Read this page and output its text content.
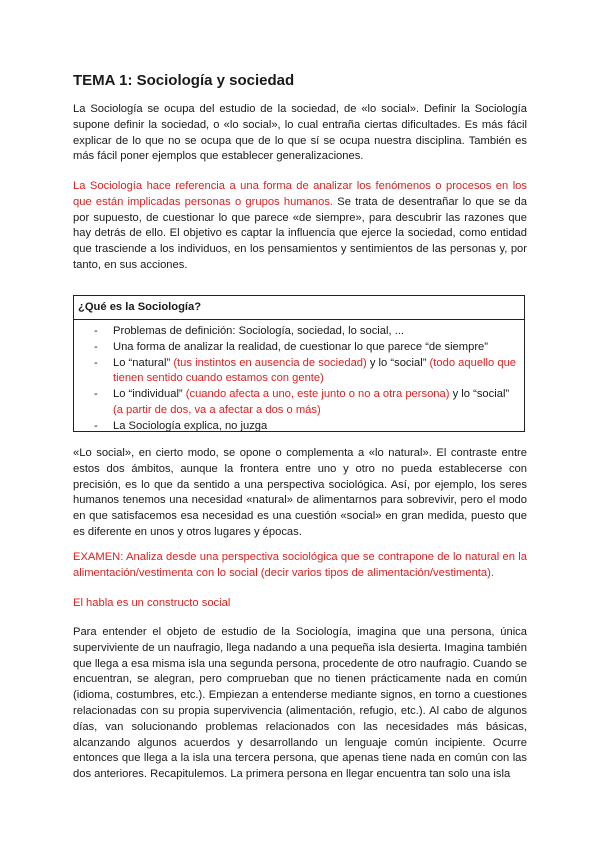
TEMA 1: Sociología y sociedad

La Sociología se ocupa del estudio de la sociedad, de «lo social». Definir la Sociología supone definir la sociedad, o «lo social», lo cual entraña ciertas dificultades. Es más fácil explicar de lo que no se ocupa que de lo que sí se ocupa nuestra disciplina. También es más fácil poner ejemplos que establecer generalizaciones.

La Sociología hace referencia a una forma de analizar los fenómenos o procesos en los que están implicadas personas o grupos humanos. Se trata de desentrañar lo que se da por supuesto, de cuestionar lo que parece «de siempre», para descubrir las razones que hay detrás de ello. El objetivo es captar la influencia que ejerce la sociedad, como entidad que trasciende a los individuos, en los pensamientos y sentimientos de las personas y, por tanto, en sus acciones.

¿Qué es la Sociología?
- Problemas de definición: Sociología, sociedad, lo social, ...
- Una forma de analizar la realidad, de cuestionar lo que parece “de siempre”
- Lo “natural” (tus instintos en ausencia de sociedad) y lo “social” (todo aquello que tienen sentido cuando estamos con gente)
- Lo “individual” (cuando afecta a uno, este junto o no a otra persona) y lo “social” (a partir de dos, va a afectar a dos o más)
- La Sociología explica, no juzga

«Lo social», en cierto modo, se opone o complementa a «lo natural». El contraste entre estos dos ámbitos, aunque la frontera entre uno y otro no pueda establecerse con precisión, es lo que da sentido a una perspectiva sociológica. Así, por ejemplo, los seres humanos tenemos una necesidad «natural» de alimentarnos para sobrevivir, pero el modo en que satisfacemos esa necesidad es una cuestión «social» en gran medida, puesto que es diferente en unos y otros lugares y épocas.

EXAMEN: Analiza desde una perspectiva sociológica que se contrapone de lo natural en la alimentación/vestimenta con lo social (decir varios tipos de alimentación/vestimenta).

El habla es un constructo social

Para entender el objeto de estudio de la Sociología, imagina que una persona, única superviviente de un naufragio, llega nadando a una pequeña isla desierta. Imagina también que llega a esa misma isla una segunda persona, procedente de otro naufragio. Cuando se encuentran, se alegran, pero comprueban que no tienen prácticamente nada en común (idioma, costumbres, etc.). Empiezan a entenderse mediante signos, en torno a cuestiones relacionadas con su propia supervivencia (alimentación, refugio, etc.). Al cabo de algunos días, van solucionando problemas relacionados con las necesidades más básicas, alcanzando algunos acuerdos y desarrollando un lenguaje común incipiente. Ocurre entonces que llega a la isla una tercera persona, que apenas tiene nada en común con las dos anteriores. Recapitulemos. La primera persona en llegar encuentra tan solo una isla
